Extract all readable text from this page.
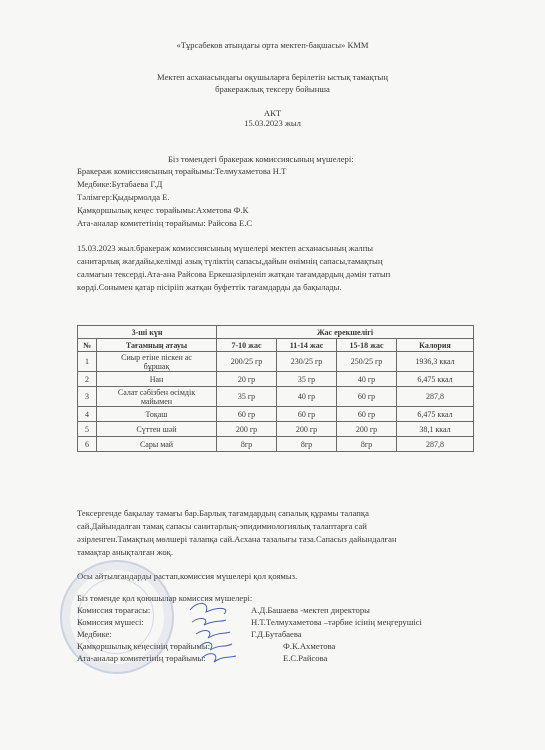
«Тұрсабеков атындағы орта мектеп-бақшасы» КММ
Мектеп асханасындағы оқушыларға берілетін ыстық тамақтың
бракеражлық тексеру бойынша
АКТ
15.03.2023 жыл
Біз төмендегі бракераж комиссиясының мүшелері:
Бракераж комиссиясының төрайымы:Телмухаметова Н.Т
Медбике:Бутабаева Г.Д
Тәлімгер:Қыдырмолда Е.
Қамқоршылық кеңес төрайымы:Ахметова Ф.К
Ата-аналар комитетінің төрайымы: Райсова Е.С
15.03.2023 жыл.бракераж комиссиясының мүшелері мектеп асханасының жалпы
санитарлық жағдайы,келімді азық түліктің сапасы,дайын өнімнің сапасы,тамақтың
салмағын тексерді.Ата-ана Райсова Еркешәзірленіп жатқан тағамдардың дәмін татып
көрді.Сонымен қатар пісірііп жатқан буфеттік тағамдарды да бақылады.
3-ші күн		Жас ерекшелігі			
№	Тағамның атауы	7-10 жас	11-14 жас	15-18 жас	Калория
1	Сиыр етіне піскен ас
бұршақ	200/25 гр	230/25 гр	250/25 гр	1936,3 ккал
2	Нан	20 гр	35 гр	40 гр	6,475 ккал
3	Салат сәбізбен өсімдік
майымен	35 гр	40 гр	60 гр	287,8
4	Тоқаш	60 гр	60 гр	60 гр	6,475 ккал
5	Сүттен шәй	200 гр	200 гр	200 гр	38,1 ккал
6	Сары май	8гр	8гр	8гр	287,8
Тексергенде бақылау тамағы бар.Барлық тағамдардың сапалық құрамы талапқа
сай.Дайындалған тамақ сапасы санитарлық-эпидимиологиялық талаптарға сай
әзірленген.Тамақтың мөлшері талапқа сай.Асхана тазалығы таза.Сапасыз дайындалған
тамақтар анықталған жоқ.
Осы айтылғандарды растап,комиссия мүшелері қол қоямыз.
Біз төменде қол қоюшылар комиссия мүшелері:
Комиссия төрағасы:	А.Д.Башаева -мектеп директоры
Комиссия мүшесі:	Н.Т.Телмухаметова –тәрбие ісінің меңгерушісі
Медбике:	Г.Д.Бутабаева
Қамқоршылық кеңесінің төрайымы:	Ф.К.Ахметова
Ата-аналар комитетінің төрайымы:	Е.С.Райсова
